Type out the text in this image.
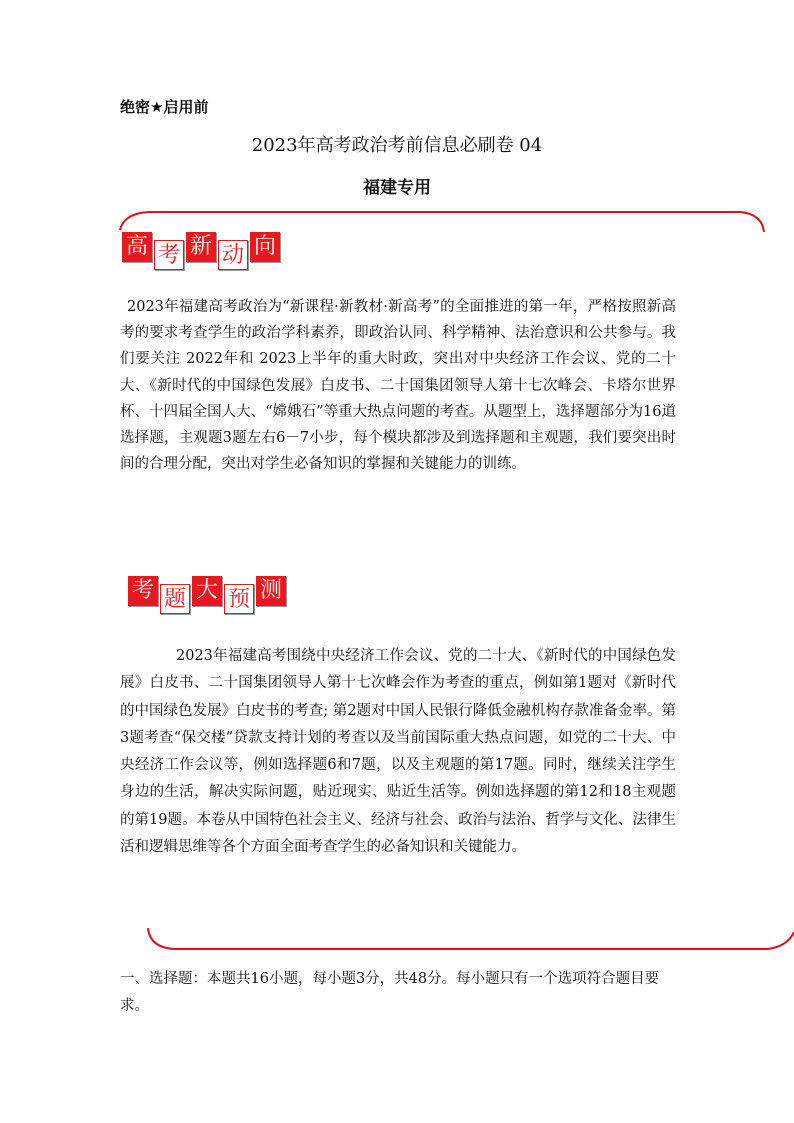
绝密★启用前
2023年高考政治考前信息必刷卷 04
福建专用
高 考 新 动 向
2023年福建高考政治为“新课程·新教材·新高考”的全面推进的第一年，严格按照新高考的要求考查学生的政治学科素养，即政治认同、科学精神、法治意识和公共参与。我们要关注 2022年和 2023上半年的重大时政，突出对中央经济工作会议、党的二十大、《新时代的中国绿色发展》白皮书、二十国集团领导人第十七次峰会、卡塔尔世界杯、十四届全国人大、“嫦娥石”等重大热点问题的考查。从题型上，选择题部分为16道选择题，主观题3题左右6－7小步，每个模块都涉及到选择题和主观题，我们要突出时间的合理分配，突出对学生必备知识的掌握和关键能力的训练。
考 题 大 预 测
2023年福建高考围绕中央经济工作会议、党的二十大、《新时代的中国绿色发展》白皮书、二十国集团领导人第十七次峰会作为考查的重点，例如第1题对《新时代的中国绿色发展》白皮书的考查; 第2题对中国人民银行降低金融机构存款准备金率。第3题考查“保交楼”贷款支持计划的考查以及当前国际重大热点问题，如党的二十大、中央经济工作会议等，例如选择题6和7题，以及主观题的第17题。同时，继续关注学生身边的生活，解决实际问题，贴近现实、贴近生活等。例如选择题的第12和18主观题的第19题。本卷从中国特色社会主义、经济与社会、政治与法治、哲学与文化、法律生活和逻辑思维等各个方面全面考查学生的必备知识和关键能力。
一、选择题：本题共16小题，每小题3分，共48分。每小题只有一个选项符合题目要求。
